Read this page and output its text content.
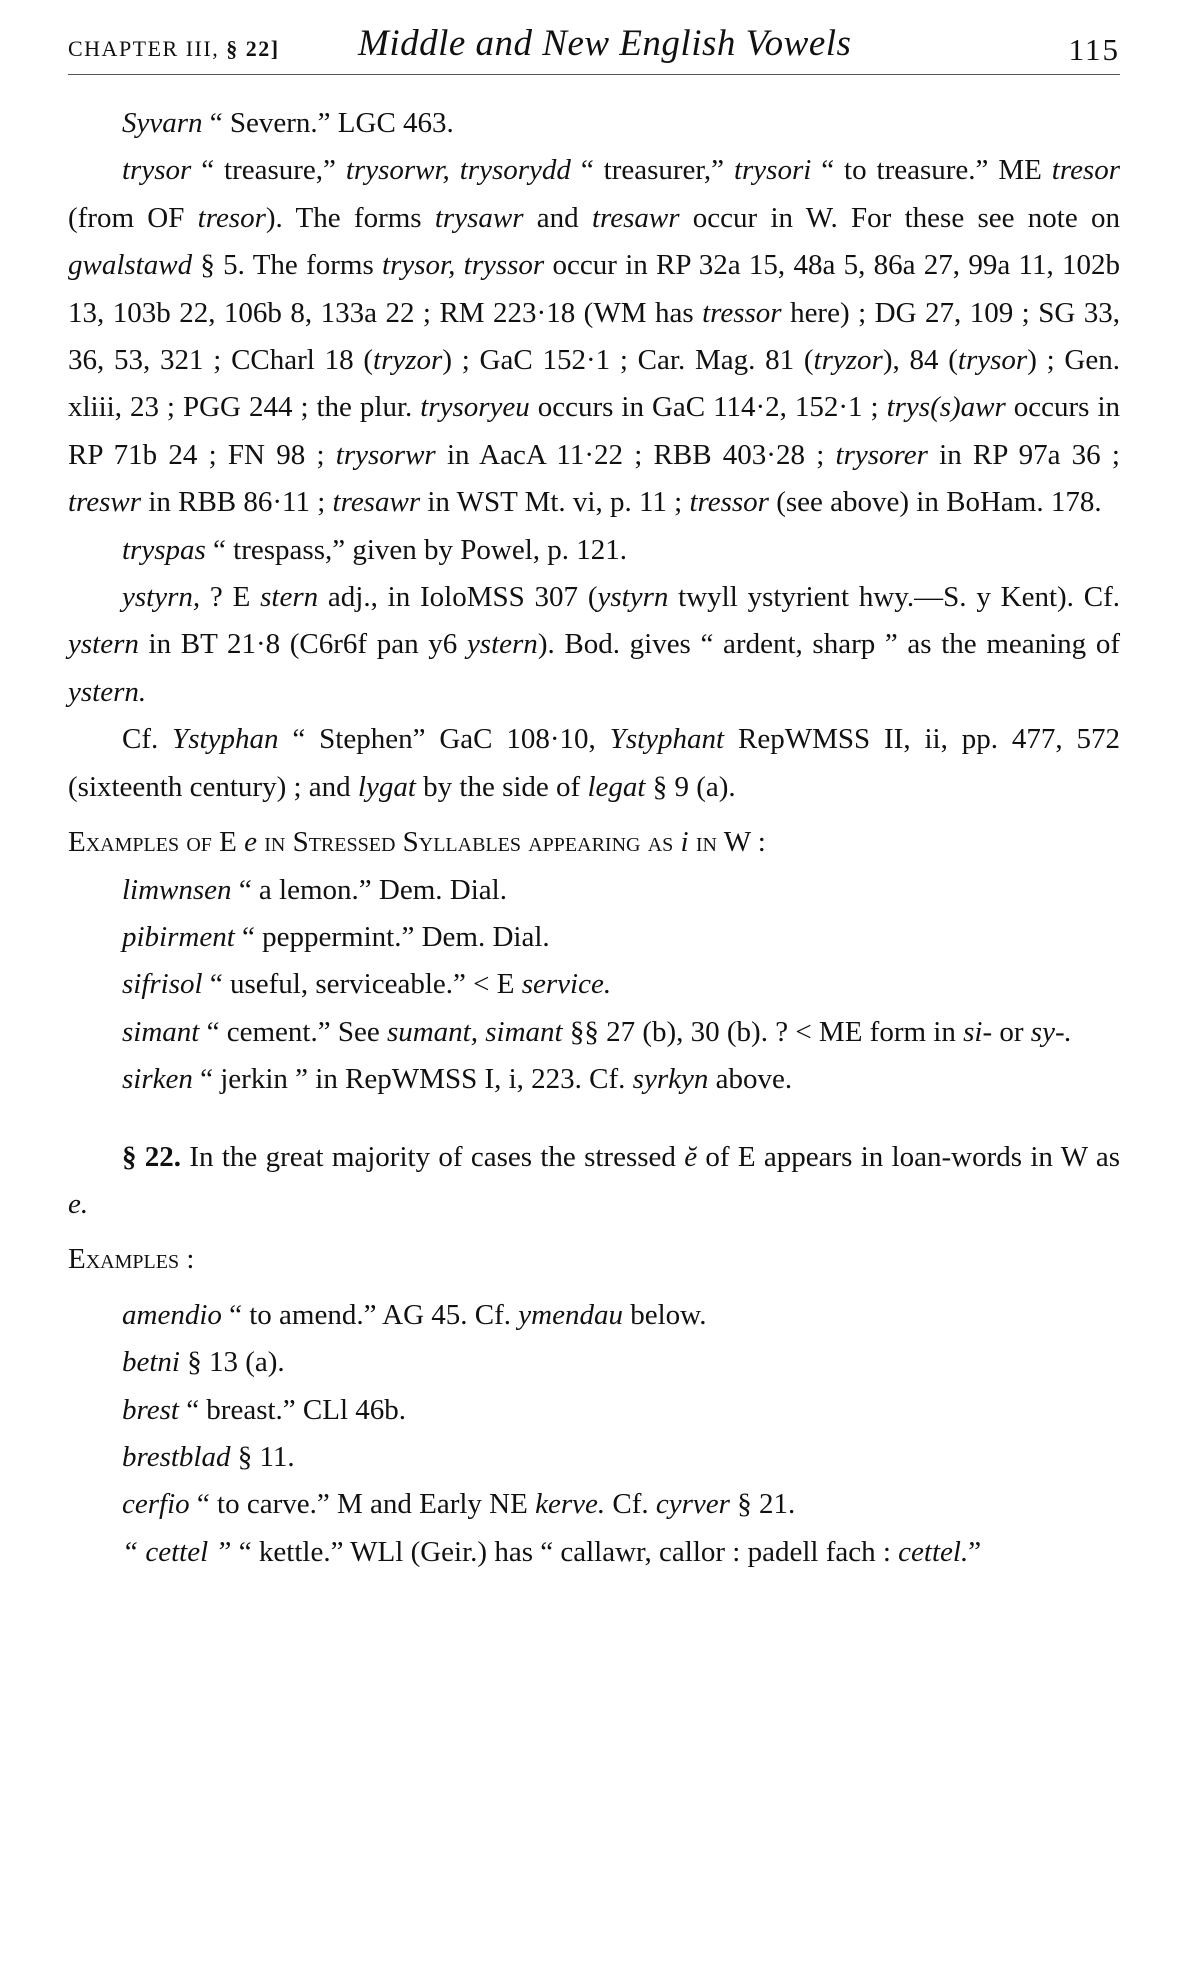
CHAPTER III, § 22] Middle and New English Vowels	115

Syvarn “ Severn.” LGC 463.

trysor “ treasure,” trysorwr, trysorydd “ treasurer,” trysori “ to treasure.” ME tresor (from OF tresor). The forms trysawr and tresawr occur in W. For these see note on gwalstawd § 5. The forms trysor, tryssor occur in RP 32a 15, 48a 5, 86a 27, 99a 11, 102b 13, 103b 22, 106b 8, 133a 22 ; RM 223·18 (WM has tressor here) ; DG 27, 109 ; SG 33, 36, 53, 321 ; CCharl 18 (tryzor) ; GaC 152·1 ; Car. Mag. 81 (tryzor), 84 (trysor) ; Gen. xliii, 23 ; PGG 244 ; the plur. trysoryeu occurs in GaC 114·2, 152·1 ; trys(s)awr occurs in RP 71b 24 ; FN 98 ; trysorwr in AacA 11·22 ; RBB 403·28 ; trysorer in RP 97a 36 ; treswr in RBB 86·11 ; tresawr in WST Mt. vi, p. 11 ; tressor (see above) in BoHam. 178.

tryspas “ trespass,” given by Powel, p. 121.

ystyrn, ? E stern adj., in IoloMSS 307 (ystyrn twyll ystyrient hwy.—S. y Kent). Cf. ystern in BT 21·8 (C6r6f pan y6 ystern). Bod. gives “ ardent, sharp ” as the meaning of ystern.

Cf. Ystyphan “ Stephen” GaC 108·10, Ystyphant RepWMSS II, ii, pp. 477, 572 (sixteenth century) ; and lygat by the side of legat § 9 (a).

Examples of E e in Stressed Syllables appearing as i in W :

limwnsen “ a lemon.” Dem. Dial.

pibirment “ peppermint.” Dem. Dial.

sifrisol “ useful, serviceable.” < E service.

simant “ cement.” See sumant, simant §§ 27 (b), 30 (b). ? < ME form in si- or sy-.

sirken “ jerkin ” in RepWMSS I, i, 223. Cf. syrkyn above.

§ 22. In the great majority of cases the stressed ĕ of E appears in loan-words in W as e.

Examples :

amendio “ to amend.” AG 45. Cf. ymendau below.

betni § 13 (a).

brest “ breast.” CLl 46b.

brestblad § 11.

cerfio “ to carve.” M and Early NE kerve. Cf. cyrver § 21.

“ cettel ” “ kettle.” WLl (Geir.) has “ callawr, callor : padell fach : cettel.”
